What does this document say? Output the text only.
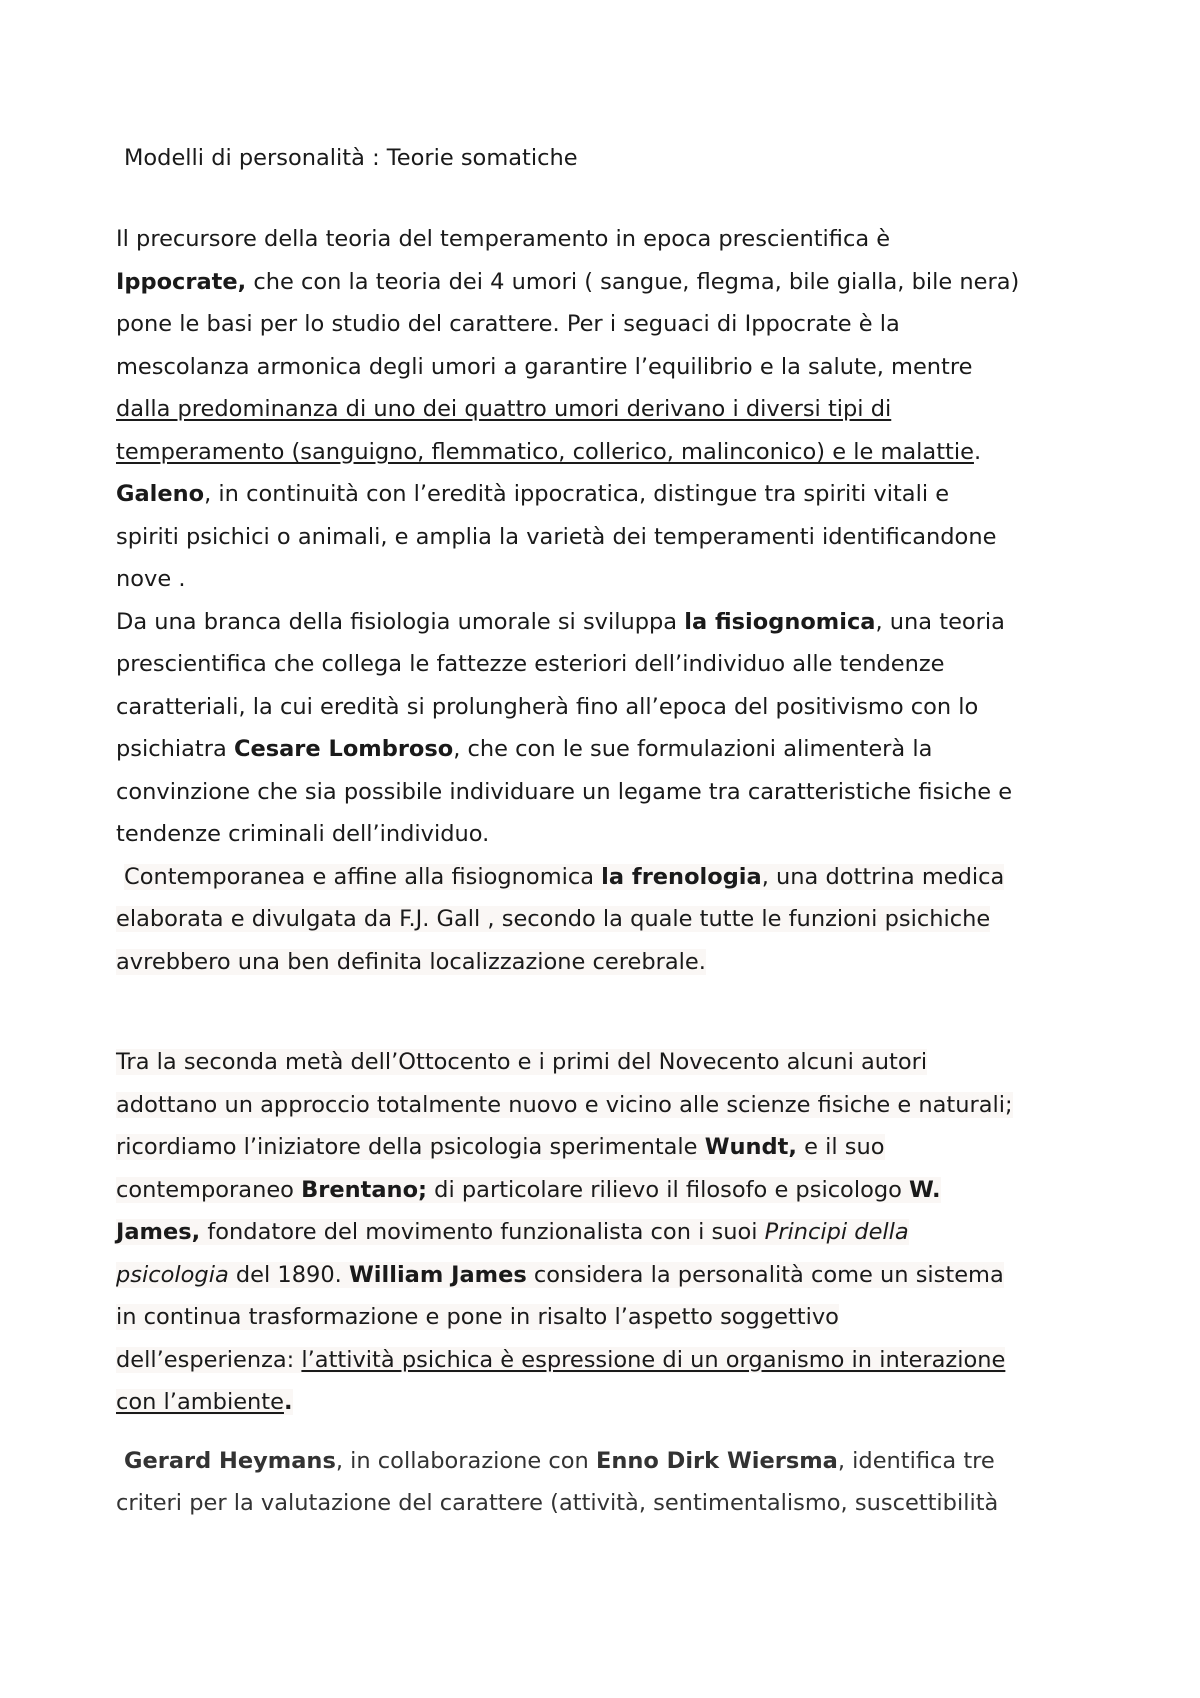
Modelli di personalità : Teorie somatiche
Il precursore della teoria del temperamento in epoca prescientifica è
Ippocrate, che con la teoria dei 4 umori ( sangue, flegma, bile gialla, bile nera)
pone le basi per lo studio del carattere. Per i seguaci di Ippocrate è la
mescolanza armonica degli umori a garantire l’equilibrio e la salute, mentre
dalla predominanza di uno dei quattro umori derivano i diversi tipi di
temperamento (sanguigno, flemmatico, collerico, malinconico) e le malattie.
Galeno, in continuità con l’eredità ippocratica, distingue tra spiriti vitali e
spiriti psichici o animali, e amplia la varietà dei temperamenti identificandone
nove .
Da una branca della fisiologia umorale si sviluppa la fisiognomica, una teoria
prescientifica che collega le fattezze esteriori dell’individuo alle tendenze
caratteriali, la cui eredità si prolungherà fino all’epoca del positivismo con lo
psichiatra Cesare Lombroso, che con le sue formulazioni alimenterà la
convinzione che sia possibile individuare un legame tra caratteristiche fisiche e
tendenze criminali dell’individuo.
Contemporanea e affine alla fisiognomica la frenologia, una dottrina medica
elaborata e divulgata da F.J. Gall , secondo la quale tutte le funzioni psichiche
avrebbero una ben definita localizzazione cerebrale.
Tra la seconda metà dell’Ottocento e i primi del Novecento alcuni autori
adottano un approccio totalmente nuovo e vicino alle scienze fisiche e naturali;
ricordiamo l’iniziatore della psicologia sperimentale Wundt, e il suo
contemporaneo Brentano; di particolare rilievo il filosofo e psicologo W.
James, fondatore del movimento funzionalista con i suoi Principi della
psicologia del 1890. William James considera la personalità come un sistema
in continua trasformazione e pone in risalto l’aspetto soggettivo
dell’esperienza: l’attività psichica è espressione di un organismo in interazione
con l’ambiente.
Gerard Heymans, in collaborazione con Enno Dirk Wiersma, identifica tre
criteri per la valutazione del carattere (attività, sentimentalismo, suscettibilità
